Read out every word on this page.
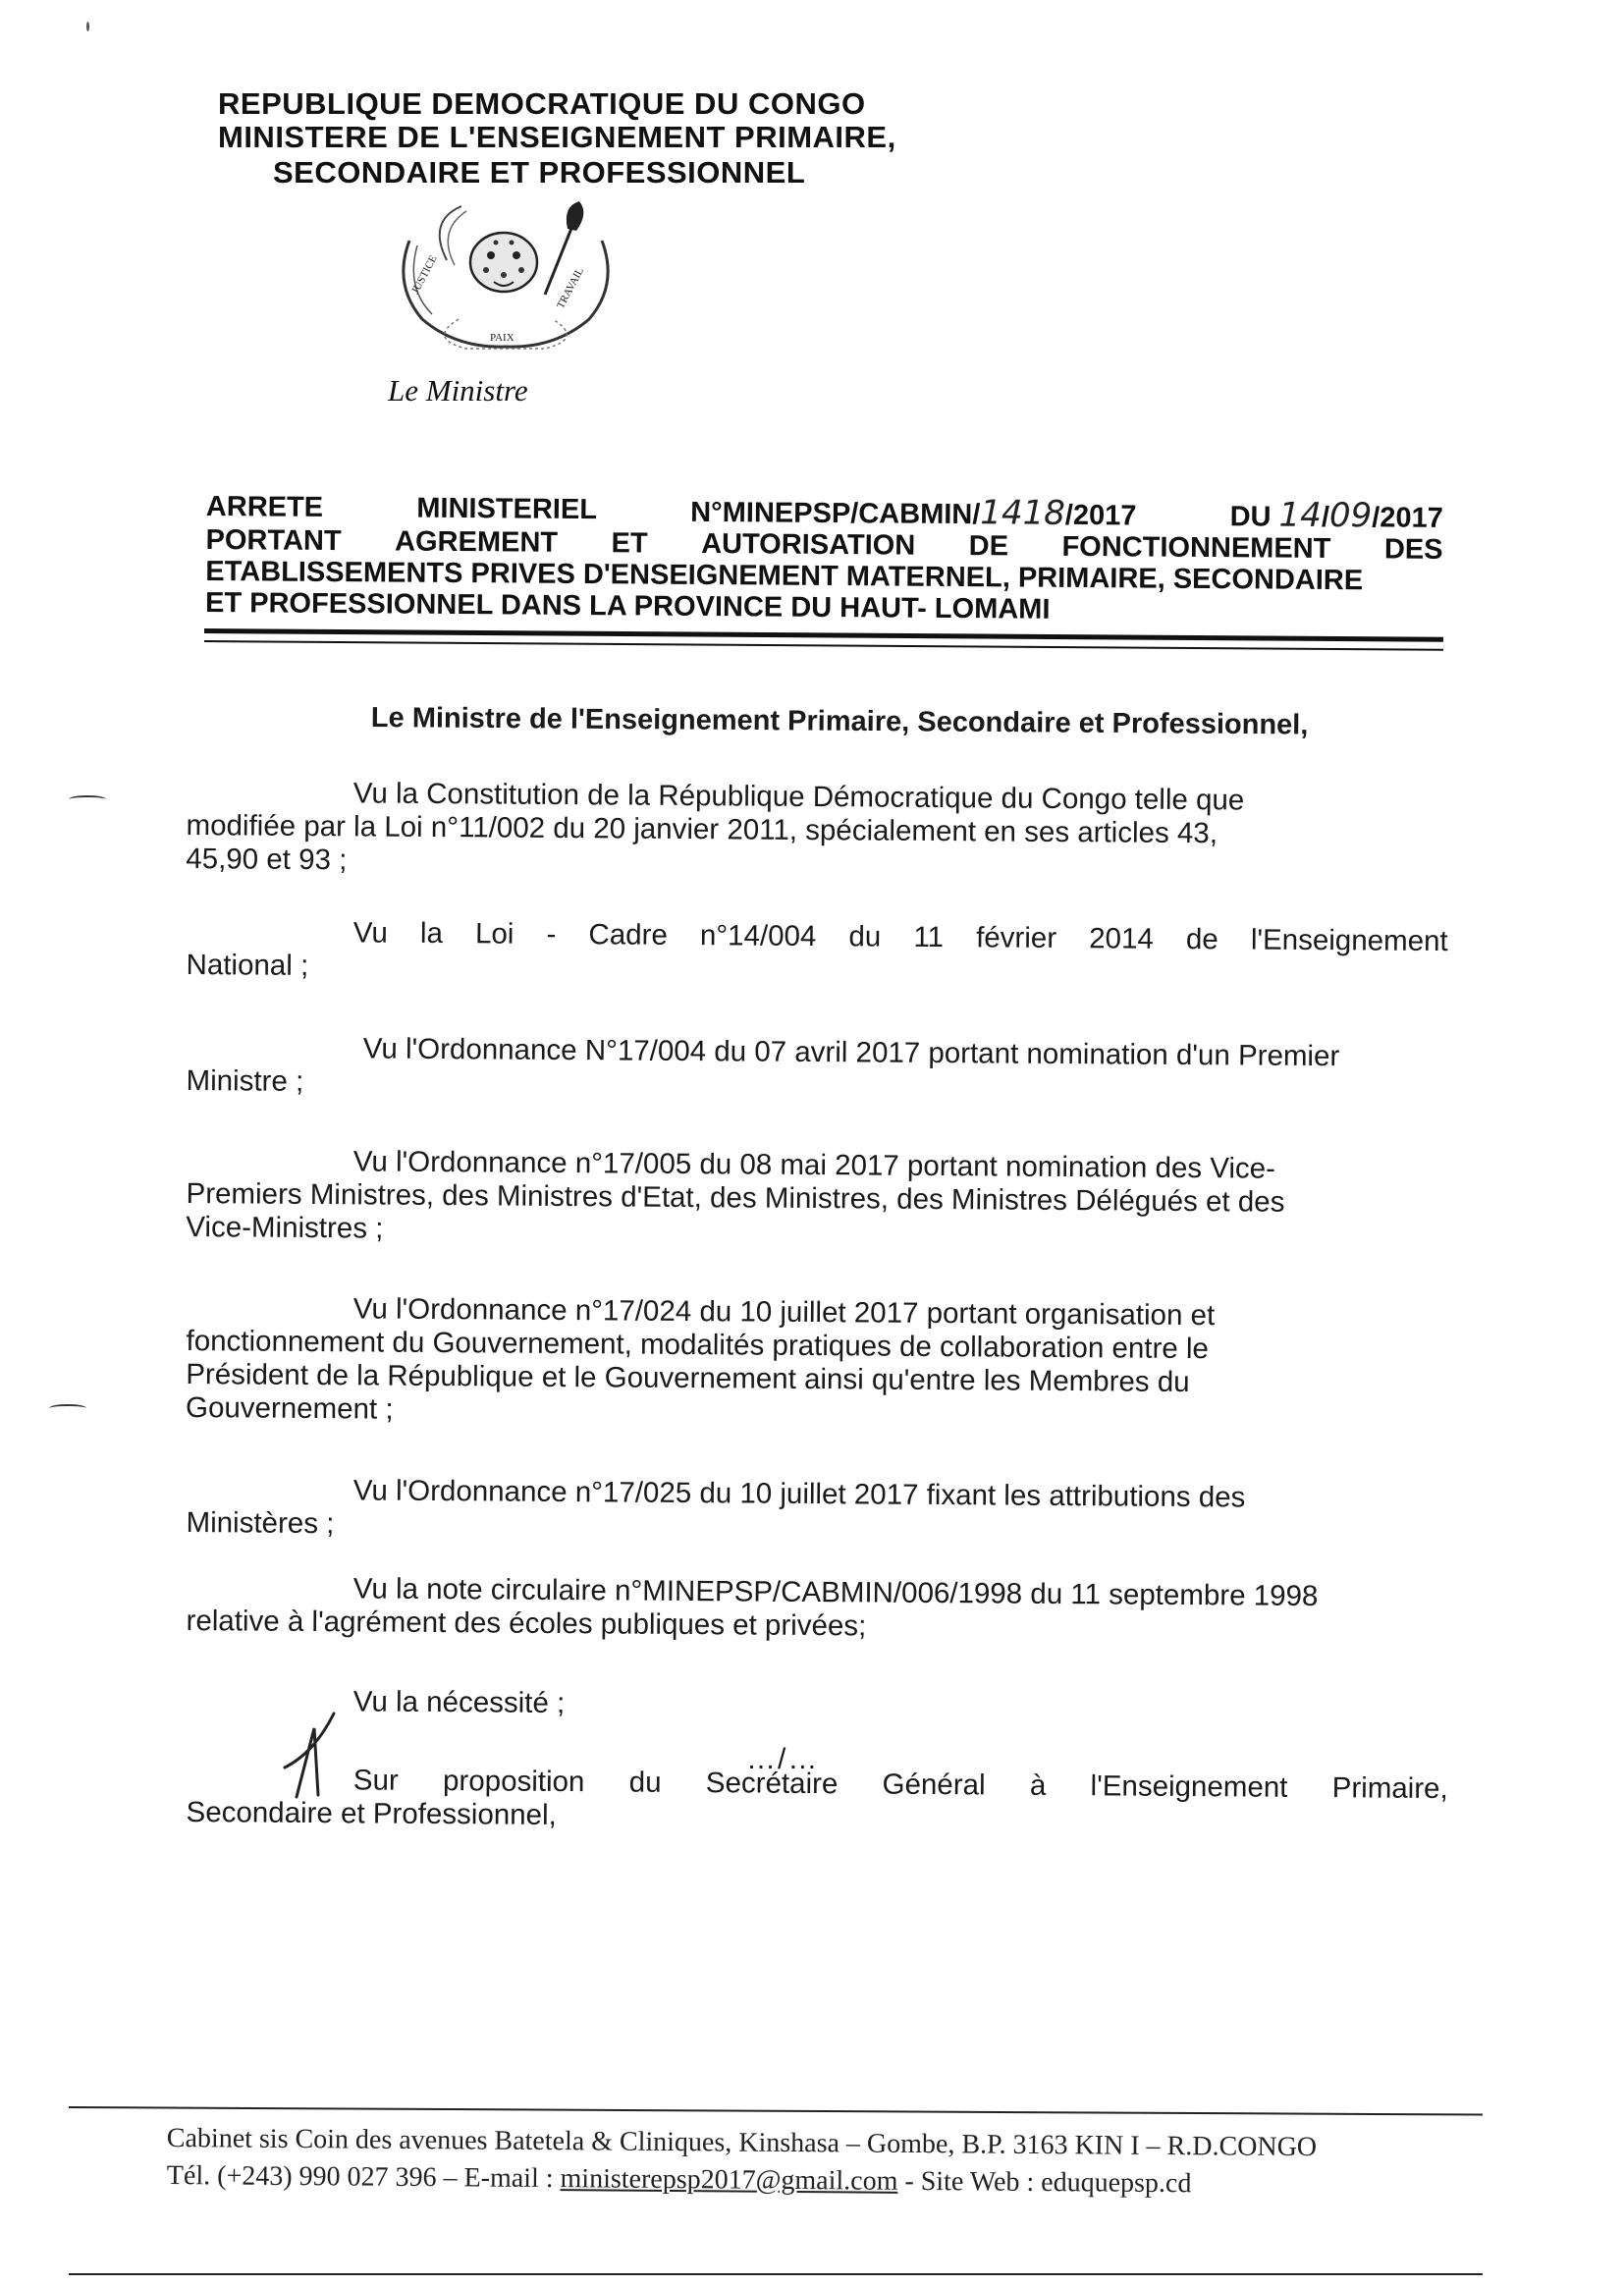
REPUBLIQUE DEMOCRATIQUE DU CONGO
MINISTERE DE L'ENSEIGNEMENT PRIMAIRE,
SECONDAIRE ET PROFESSIONNEL
JUSTICE
PAIX
TRAVAIL
Le Ministre
ARRETE	MINISTERIEL	N°MINEPSP/CABMIN/1418/2017	DU 14/09/2017
PORTANT AGREMENT ET AUTORISATION DE FONCTIONNEMENT DES
ETABLISSEMENTS PRIVES D'ENSEIGNEMENT MATERNEL, PRIMAIRE, SECONDAIRE
ET PROFESSIONNEL DANS LA PROVINCE DU HAUT- LOMAMI
Le Ministre de l'Enseignement Primaire, Secondaire et Professionnel,
Vu la Constitution de la République Démocratique du Congo telle que
modifiée par la Loi n°11/002 du 20 janvier 2011, spécialement en ses articles 43,
45,90 et 93 ;
Vu la Loi - Cadre n°14/004 du 11 février 2014 de l'Enseignement
National ;
Vu l'Ordonnance N°17/004 du 07 avril 2017 portant nomination d'un Premier
Ministre ;
Vu l'Ordonnance n°17/005 du 08 mai 2017 portant nomination des Vice-
Premiers Ministres, des Ministres d'Etat, des Ministres, des Ministres Délégués et des
Vice-Ministres ;
Vu l'Ordonnance n°17/024 du 10 juillet 2017 portant organisation et
fonctionnement du Gouvernement, modalités pratiques de collaboration entre le
Président de la République et le Gouvernement ainsi qu'entre les Membres du
Gouvernement ;
Vu l'Ordonnance n°17/025 du 10 juillet 2017 fixant les attributions des
Ministères ;
Vu la note circulaire n°MINEPSP/CABMIN/006/1998 du 11 septembre 1998
relative à l'agrément des écoles publiques et privées;
Vu la nécessité ;
Sur proposition du Secrétaire Général à l'Enseignement Primaire,
Secondaire et Professionnel,
…/…
Cabinet sis Coin des avenues Batetela & Cliniques, Kinshasa – Gombe, B.P. 3163 KIN I – R.D.CONGO
Tél. (+243) 990 027 396 – E-mail : ministerepsp2017@gmail.com - Site Web : eduquepsp.cd
